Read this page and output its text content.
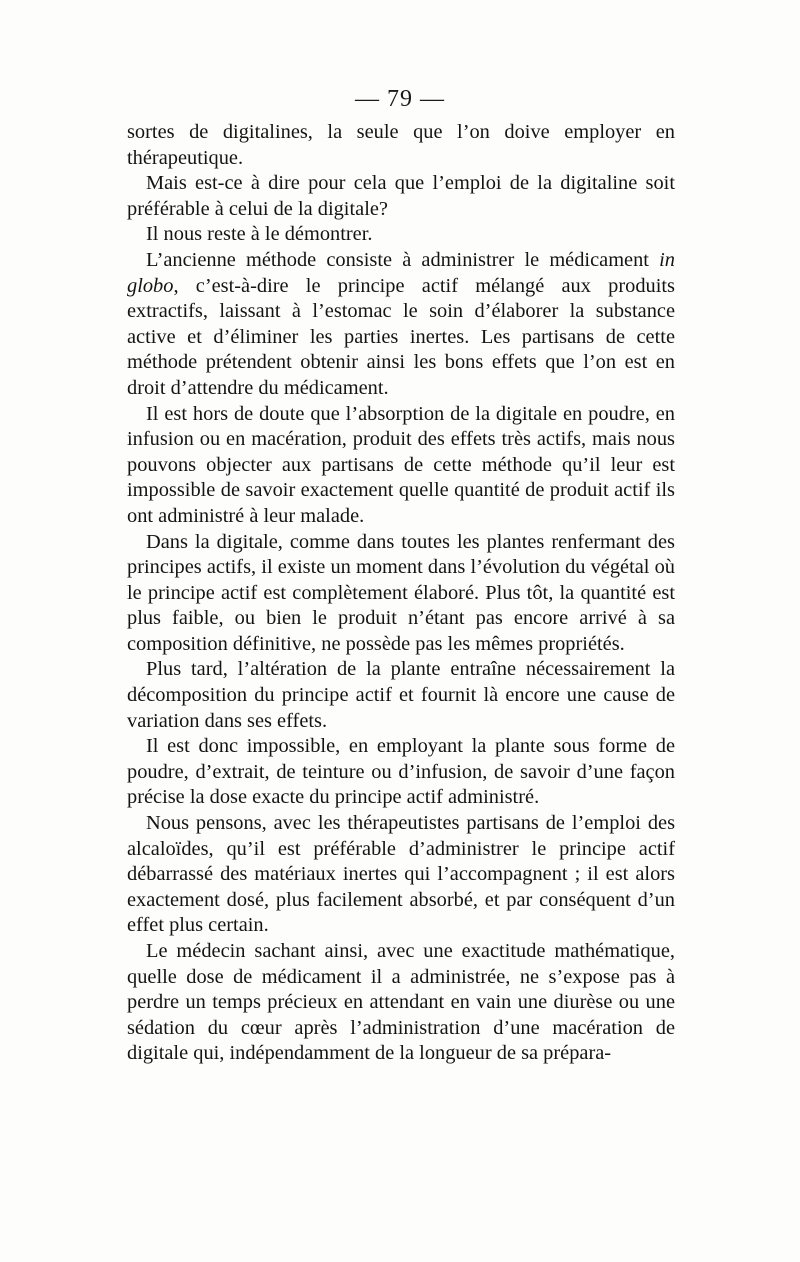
— 79 —

sortes de digitalines, la seule que l’on doive employer en thérapeutique.

Mais est-ce à dire pour cela que l’emploi de la digitaline soit préférable à celui de la digitale?

Il nous reste à le démontrer.

L’ancienne méthode consiste à administrer le médicament in globo, c’est-à-dire le principe actif mélangé aux produits extractifs, laissant à l’estomac le soin d’élaborer la substance active et d’éliminer les parties inertes. Les partisans de cette méthode prétendent obtenir ainsi les bons effets que l’on est en droit d’attendre du médicament.

Il est hors de doute que l’absorption de la digitale en poudre, en infusion ou en macération, produit des effets très actifs, mais nous pouvons objecter aux partisans de cette méthode qu’il leur est impossible de savoir exactement quelle quantité de produit actif ils ont administré à leur malade.

Dans la digitale, comme dans toutes les plantes renfermant des principes actifs, il existe un moment dans l’évolution du végétal où le principe actif est complètement élaboré. Plus tôt, la quantité est plus faible, ou bien le produit n’étant pas encore arrivé à sa composition définitive, ne possède pas les mêmes propriétés.

Plus tard, l’altération de la plante entraîne nécessairement la décomposition du principe actif et fournit là encore une cause de variation dans ses effets.

Il est donc impossible, en employant la plante sous forme de poudre, d’extrait, de teinture ou d’infusion, de savoir d’une façon précise la dose exacte du principe actif administré.

Nous pensons, avec les thérapeutistes partisans de l’emploi des alcaloïdes, qu’il est préférable d’administrer le principe actif débarrassé des matériaux inertes qui l’accompagnent ; il est alors exactement dosé, plus facilement absorbé, et par conséquent d’un effet plus certain.

Le médecin sachant ainsi, avec une exactitude mathématique, quelle dose de médicament il a administrée, ne s’expose pas à perdre un temps précieux en attendant en vain une diurèse ou une sédation du cœur après l’administration d’une macération de digitale qui, indépendamment de la longueur de sa prépara-
